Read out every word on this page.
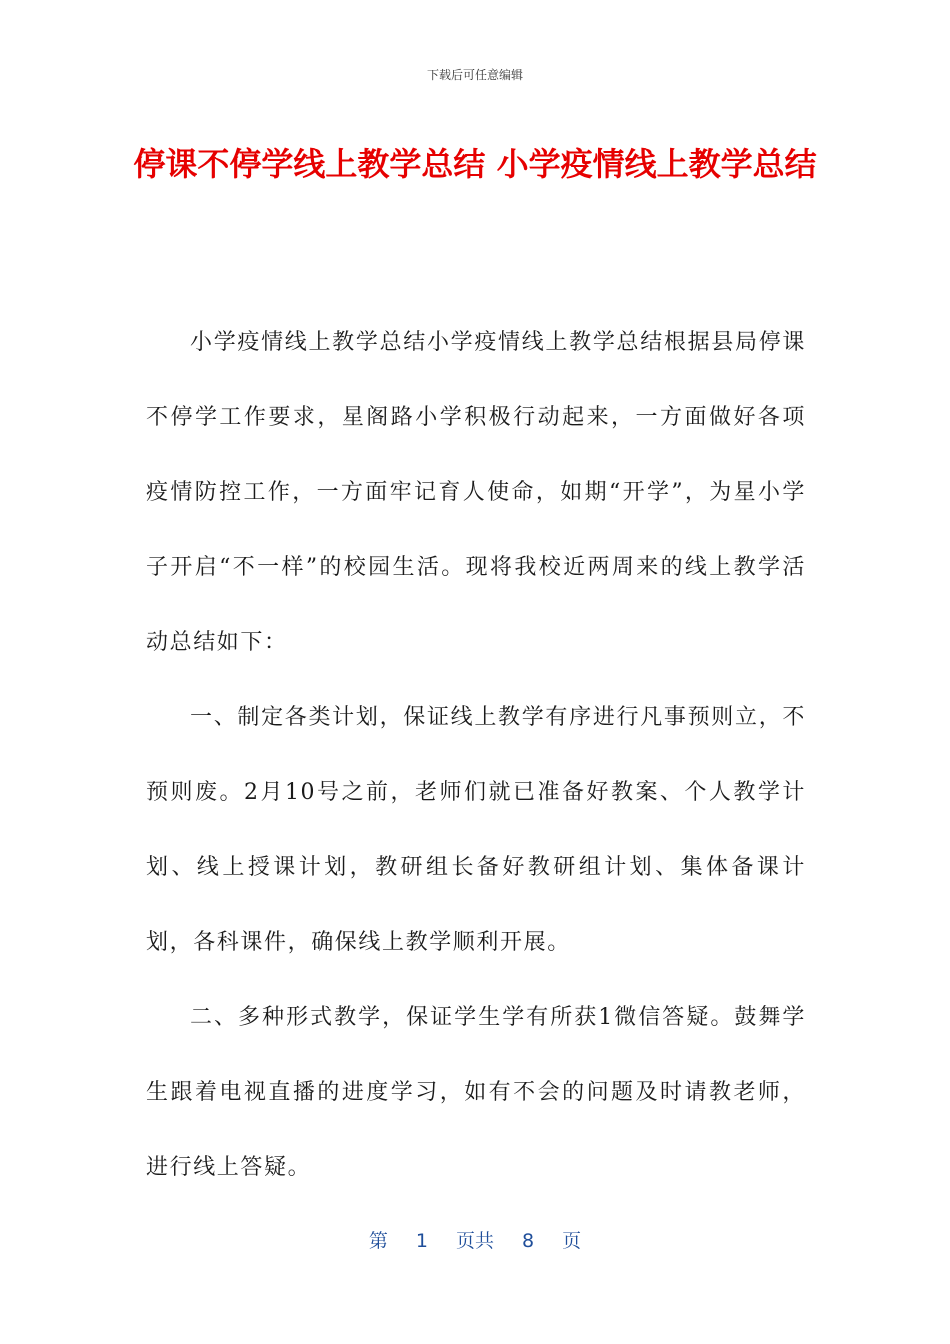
下载后可任意编辑
停课不停学线上教学总结 小学疫情线上教学总结

小学疫情线上教学总结小学疫情线上教学总结根据县局停课不停学工作要求，星阁路小学积极行动起来，一方面做好各项疫情防控工作，一方面牢记育人使命，如期“开学”，为星小学子开启“不一样”的校园生活。现将我校近两周来的线上教学活动总结如下：

一、制定各类计划，保证线上教学有序进行凡事预则立，不预则废。2月10号之前，老师们就已准备好教案、个人教学计划、线上授课计划，教研组长备好教研组计划、集体备课计划，各科课件，确保线上教学顺利开展。

二、多种形式教学，保证学生学有所获1微信答疑。鼓舞学生跟着电视直播的进度学习，如有不会的问题及时请教老师，进行线上答疑。

第 1 页共 8 页
